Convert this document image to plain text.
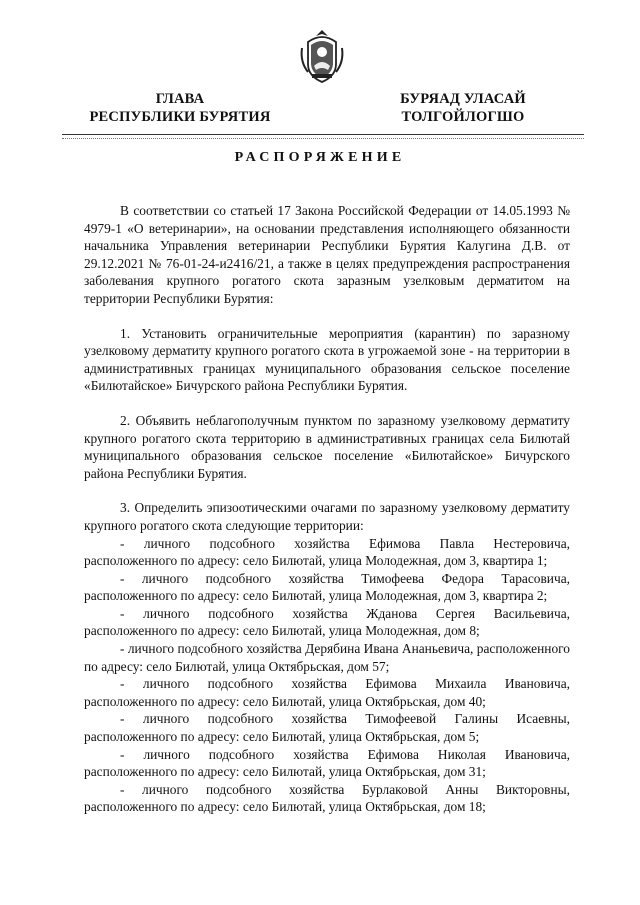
ГЛАВА
РЕСПУБЛИКИ БУРЯТИЯ
БУРЯАД УЛАСАЙ
ТОЛГОЙЛОГШО
РАСПОРЯЖЕНИЕ

В соответствии со статьей 17 Закона Российской Федерации от 14.05.1993 № 4979-1 «О ветеринарии», на основании представления исполняющего обязанности начальника Управления ветеринарии Республики Бурятия Калугина Д.В. от 29.12.2021 № 76-01-24-и2416/21, а также в целях предупреждения распространения заболевания крупного рогатого скота заразным узелковым дерматитом на территории Республики Бурятия:

1. Установить ограничительные мероприятия (карантин) по заразному узелковому дерматиту крупного рогатого скота в угрожаемой зоне - на территории в административных границах муниципального образования сельское поселение «Билютайское» Бичурского района Республики Бурятия.

2. Объявить неблагополучным пунктом по заразному узелковому дерматиту крупного рогатого скота территорию в административных границах села Билютай муниципального образования сельское поселение «Билютайское» Бичурского района Республики Бурятия.

3. Определить эпизоотическими очагами по заразному узелковому дерматиту крупного рогатого скота следующие территории:

- личного подсобного хозяйства Ефимова Павла Нестеровича, расположенного по адресу: село Билютай, улица Молодежная, дом 3, квартира 1;

- личного подсобного хозяйства Тимофеева Федора Тарасовича, расположенного по адресу: село Билютай, улица Молодежная, дом 3, квартира 2;

- личного подсобного хозяйства Жданова Сергея Васильевича, расположенного по адресу: село Билютай, улица Молодежная, дом 8;

- личного подсобного хозяйства Дерябина Ивана Ананьевича, расположенного по адресу: село Билютай, улица Октябрьская, дом 57;

- личного подсобного хозяйства Ефимова Михаила Ивановича, расположенного по адресу: село Билютай, улица Октябрьская, дом 40;

- личного подсобного хозяйства Тимофеевой Галины Исаевны, расположенного по адресу: село Билютай, улица Октябрьская, дом 5;

- личного подсобного хозяйства Ефимова Николая Ивановича, расположенного по адресу: село Билютай, улица Октябрьская, дом 31;

- личного подсобного хозяйства Бурлаковой Анны Викторовны, расположенного по адресу: село Билютай, улица Октябрьская, дом 18;
